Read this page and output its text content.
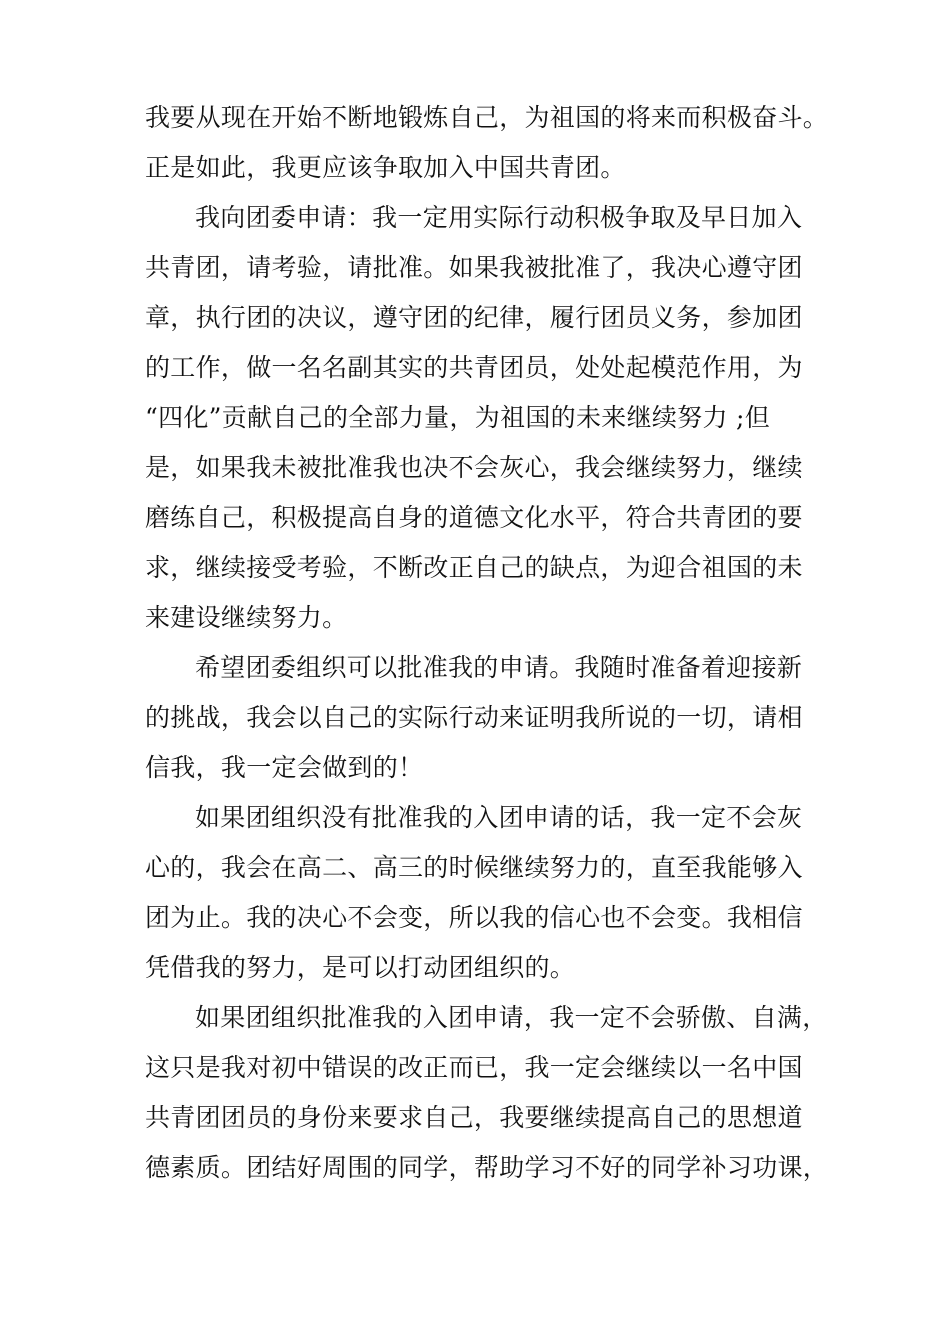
我要从现在开始不断地锻炼自己，为祖国的将来而积极奋斗。
正是如此，我更应该争取加入中国共青团。
我向团委申请：我一定用实际行动积极争取及早日加入
共青团，请考验，请批准。如果我被批准了，我决心遵守团
章，执行团的决议，遵守团的纪律，履行团员义务，参加团
的工作，做一名名副其实的共青团员，处处起模范作用，为
“四化”贡献自己的全部力量，为祖国的未来继续努力 ;但
是，如果我未被批准我也决不会灰心，我会继续努力，继续
磨练自己，积极提高自身的道德文化水平，符合共青团的要
求，继续接受考验，不断改正自己的缺点，为迎合祖国的未
来建设继续努力。
希望团委组织可以批准我的申请。我随时准备着迎接新
的挑战，我会以自己的实际行动来证明我所说的一切，请相
信我，我一定会做到的！
如果团组织没有批准我的入团申请的话，我一定不会灰
心的，我会在高二、高三的时候继续努力的，直至我能够入
团为止。我的决心不会变，所以我的信心也不会变。我相信
凭借我的努力，是可以打动团组织的。
如果团组织批准我的入团申请，我一定不会骄傲、自满，
这只是我对初中错误的改正而已，我一定会继续以一名中国
共青团团员的身份来要求自己，我要继续提高自己的思想道
德素质。团结好周围的同学，帮助学习不好的同学补习功课，
